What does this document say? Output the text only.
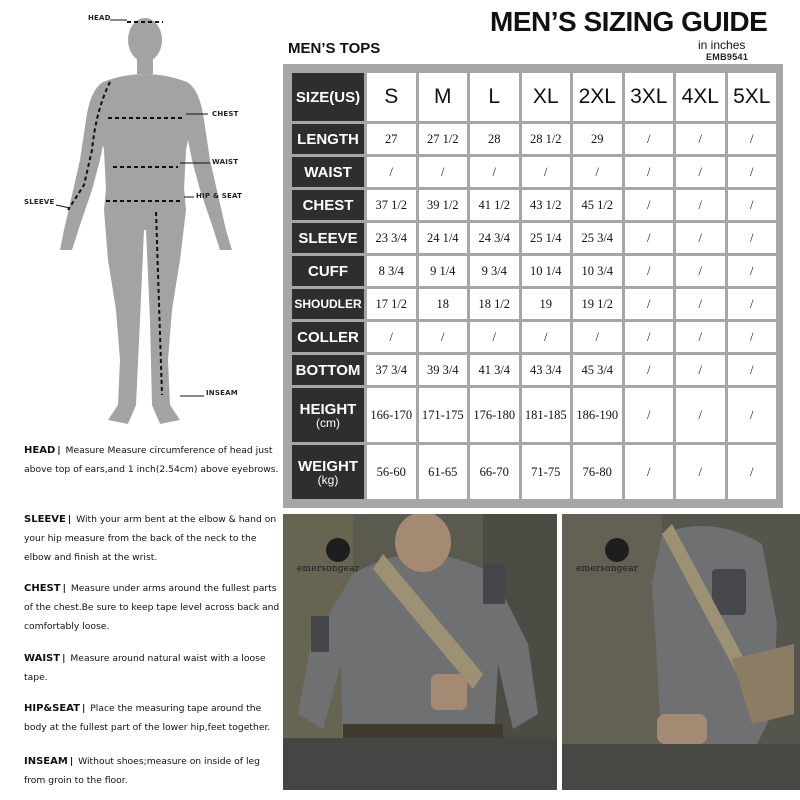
HEAD
CHEST
WAIST
HIP & SEAT
SLEEVE
INSEAM
MEN’S SIZING GUIDE
in inches
EMB9541
MEN’S TOPS
SIZE(US)	S	M	L	XL	2XL	3XL	4XL	5XL
LENGTH	27	27 1/2	28	28 1/2	29	/	/	/
WAIST	/	/	/	/	/	/	/	/
CHEST	37 1/2	39 1/2	41 1/2	43 1/2	45 1/2	/	/	/
SLEEVE	23 3/4	24 1/4	24 3/4	25 1/4	25 3/4	/	/	/
CUFF	8 3/4	9 1/4	9 3/4	10 1/4	10 3/4	/	/	/
SHOUDLER	17 1/2	18	18 1/2	19	19 1/2	/	/	/
COLLER	/	/	/	/	/	/	/	/
BOTTOM	37 3/4	39 3/4	41 3/4	43 3/4	45 3/4	/	/	/
HEIGHT
(cm)	166-170	171-175	176-180	181-185	186-190	/	/	/
WEIGHT
(kg)	56-60	61-65	66-70	71-75	76-80	/	/	/
HEAD | Measure Measure circumference of head just above top of ears,and 1 inch(2.54cm) above eyebrows.
SLEEVE | With your arm bent at the elbow & hand on your hip measure from the back of the neck to the elbow and finish at the wrist.
CHEST | Measure under arms around the fullest parts of the chest.Be sure to keep tape level across back and comfortably loose.
WAIST | Measure around natural waist with a loose tape.
HIP&SEAT | Place the measuring tape around the body at the fullest part of the lower hip,feet together.
INSEAM | Without shoes;measure on inside of leg from groin to the floor.
emersongear	emersongear
